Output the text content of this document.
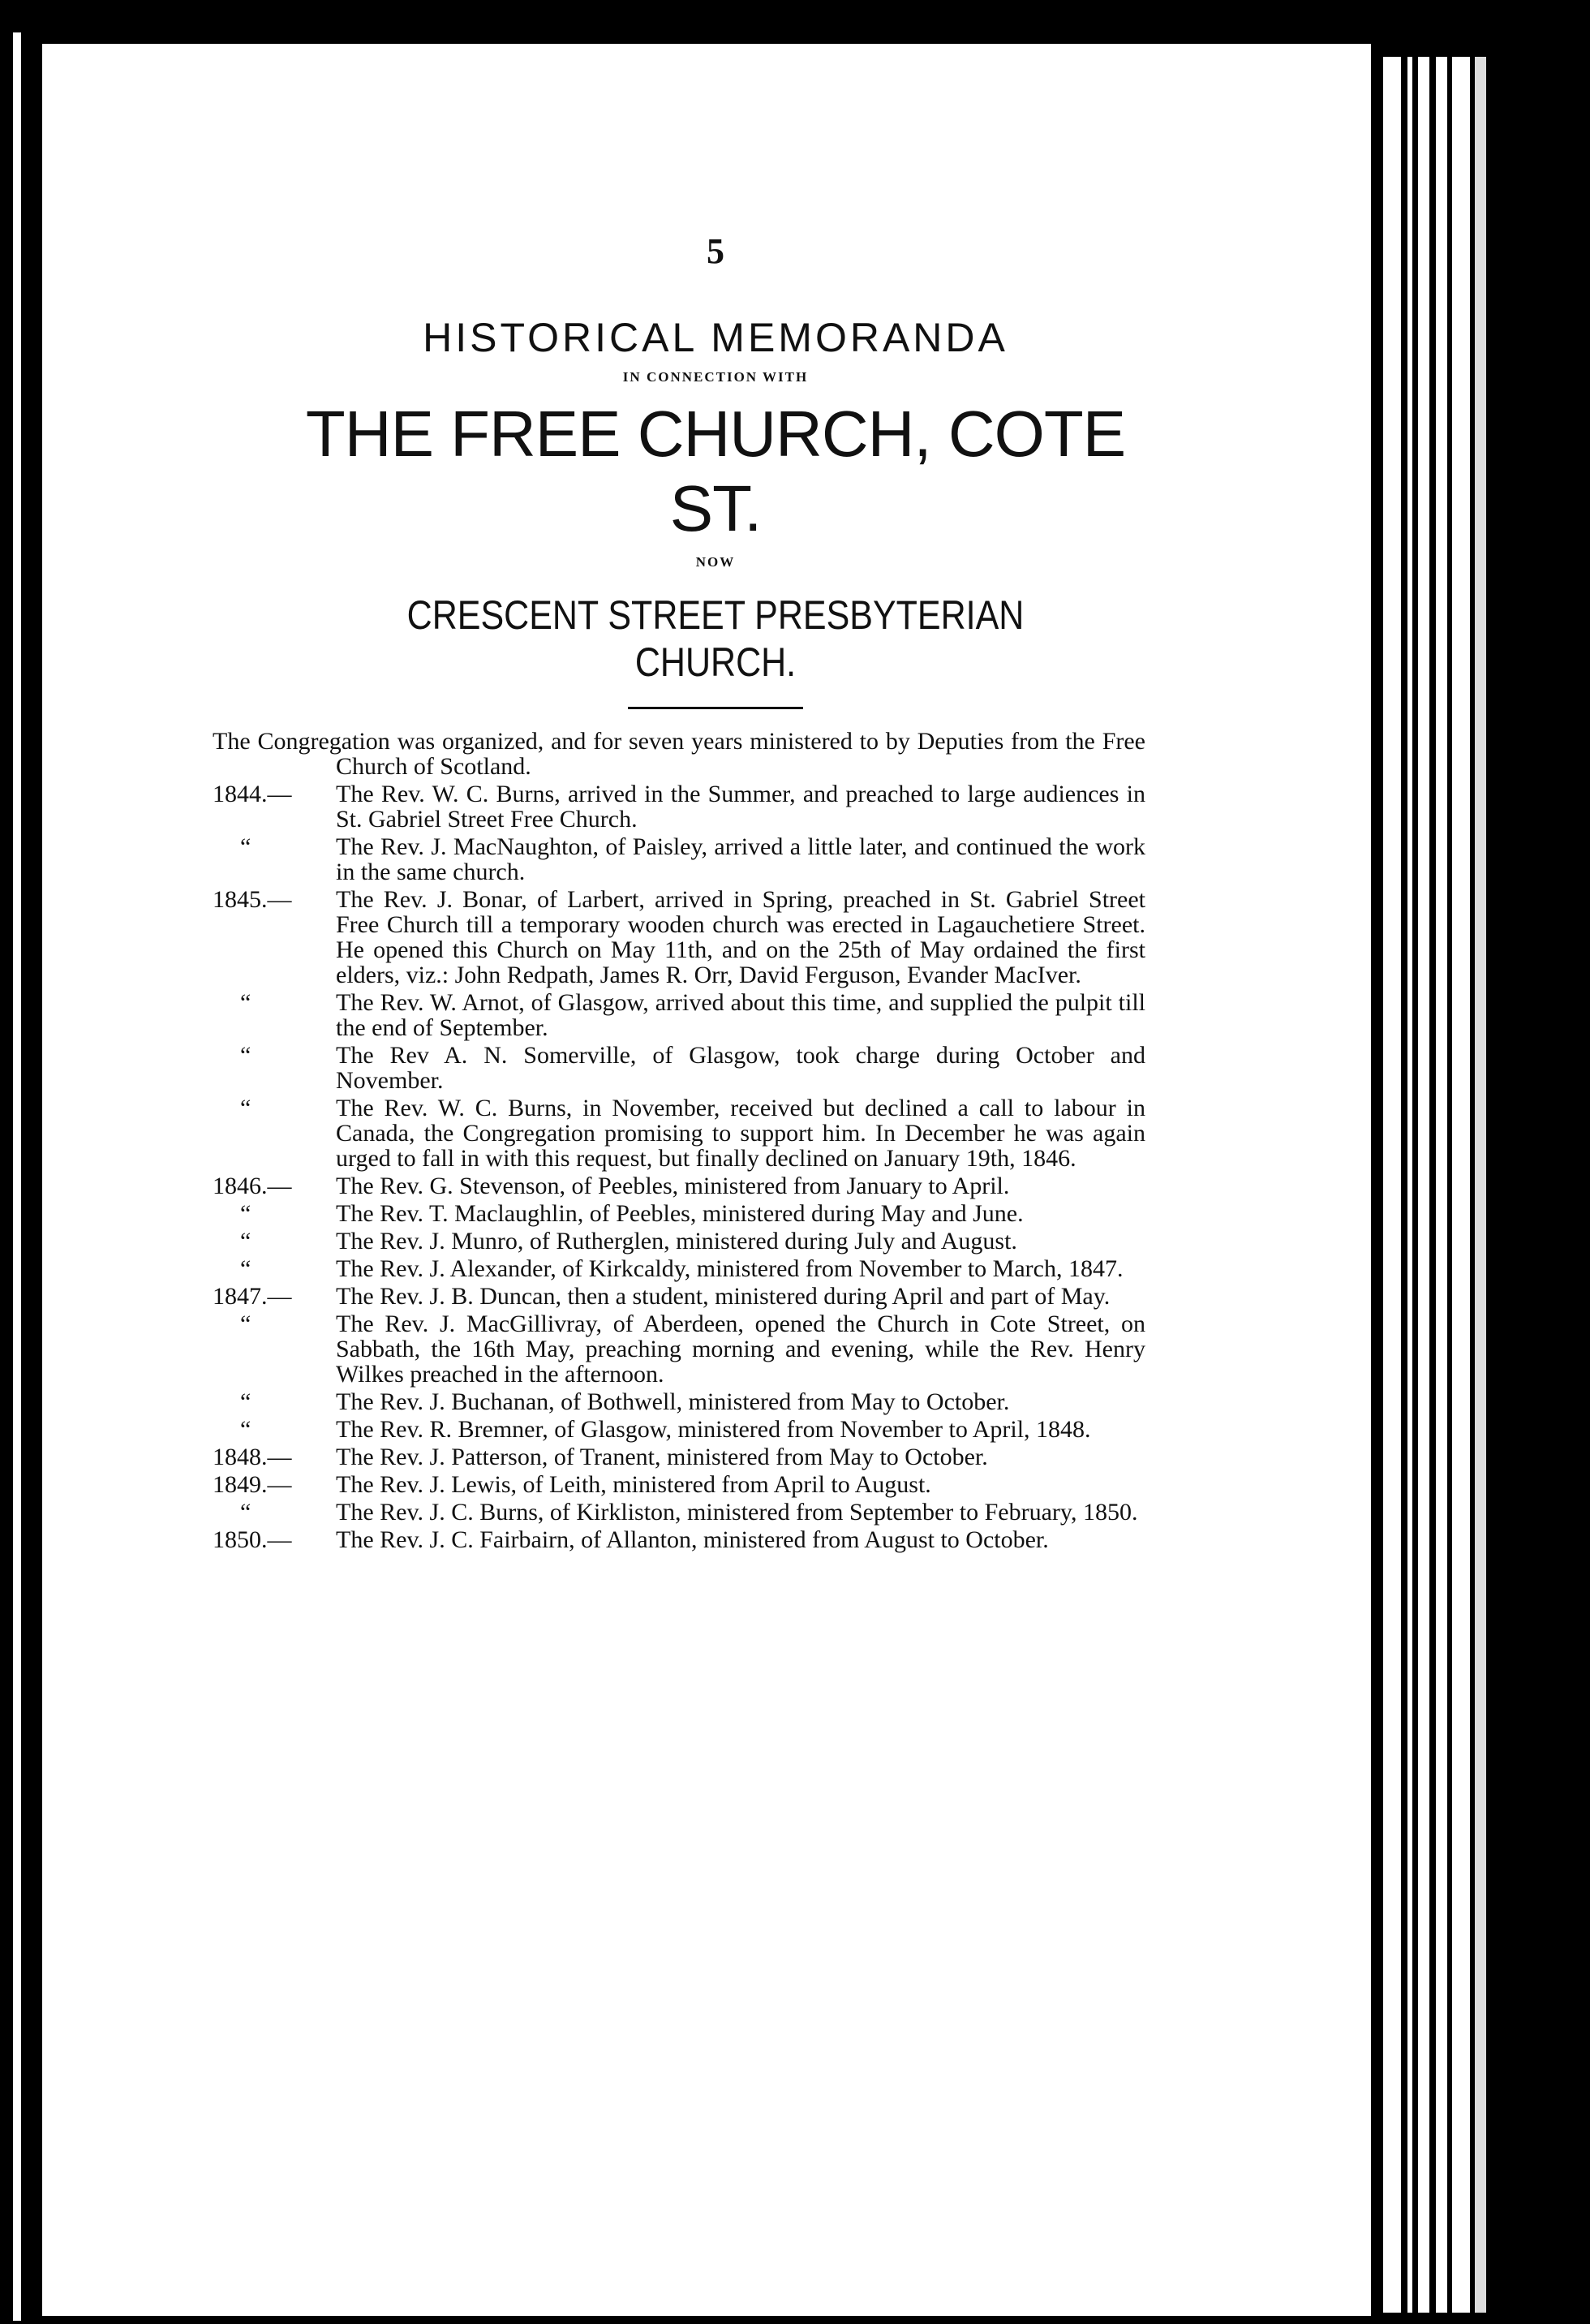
5
HISTORICAL MEMORANDA
IN CONNECTION WITH
THE FREE CHURCH, COTE ST.
NOW
CRESCENT STREET PRESBYTERIAN CHURCH.
The Congregation was organized, and for seven years ministered to by Deputies from the Free Church of Scotland.
1844.— The Rev. W. C. Burns, arrived in the Summer, and preached to large audiences in St. Gabriel Street Free Church.
“	The Rev. J. MacNaughton, of Paisley, arrived a little later, and continued the work in the same church.
1845.— The Rev. J. Bonar, of Larbert, arrived in Spring, preached in St. Gabriel Street Free Church till a temporary wooden church was erected in Lagauchetiere Street. He opened this Church on May 11th, and on the 25th of May ordained the first elders, viz.: John Redpath, James R. Orr, David Ferguson, Evander MacIver.
“	The Rev. W. Arnot, of Glasgow, arrived about this time, and supplied the pulpit till the end of September.
“	The Rev A. N. Somerville, of Glasgow, took charge during October and November.
“	The Rev. W. C. Burns, in November, received but declined a call to labour in Canada, the Congregation promising to support him. In December he was again urged to fall in with this request, but finally declined on January 19th, 1846.
1846.— The Rev. G. Stevenson, of Peebles, ministered from January to April.
“	The Rev. T. Maclaughlin, of Peebles, ministered during May and June.
“	The Rev. J. Munro, of Rutherglen, ministered during July and August.
“	The Rev. J. Alexander, of Kirkcaldy, ministered from November to March, 1847.
1847.— The Rev. J. B. Duncan, then a student, ministered during April and part of May.
“	The Rev. J. MacGillivray, of Aberdeen, opened the Church in Cote Street, on Sabbath, the 16th May, preaching morning and evening, while the Rev. Henry Wilkes preached in the afternoon.
“	The Rev. J. Buchanan, of Bothwell, ministered from May to October.
“	The Rev. R. Bremner, of Glasgow, ministered from November to April, 1848.
1848.— The Rev. J. Patterson, of Tranent, ministered from May to October.
1849.— The Rev. J. Lewis, of Leith, ministered from April to August.
“	The Rev. J. C. Burns, of Kirkliston, ministered from September to February, 1850.
1850.— The Rev. J. C. Fairbairn, of Allanton, ministered from August to October.
